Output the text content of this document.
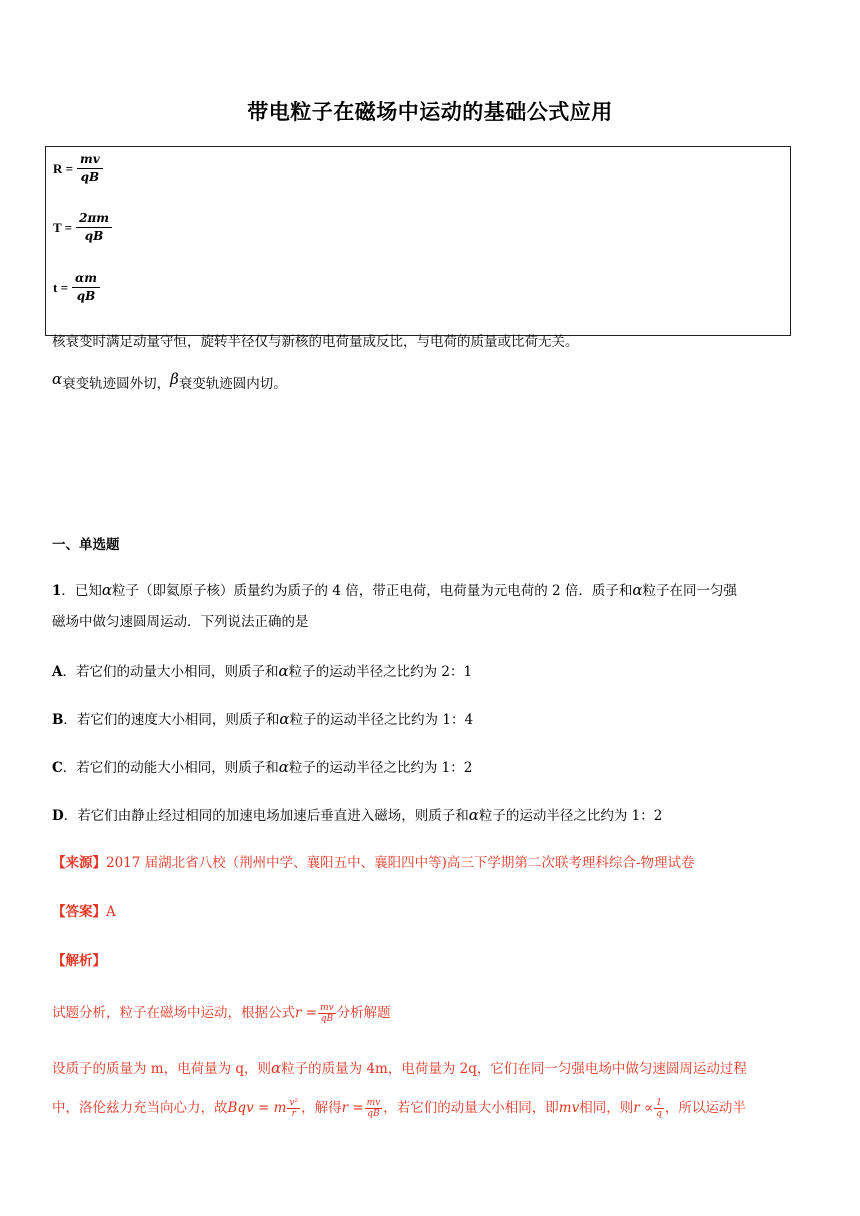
带电粒子在磁场中运动的基础公式应用
$R = \frac{mv}{qB}$
$T = \frac{2\pi m}{qB}$
$t = \frac{\alpha m}{qB}$
核衰变时满足动量守恒，旋转半径仅与新核的电荷量成反比，与电荷的质量或比荷无关。
α衰变轨迹圆外切，β衰变轨迹圆内切。
一、单选题
1．已知α粒子（即氦原子核）质量约为质子的 4 倍，带正电荷，电荷量为元电荷的 2 倍．质子和α粒子在同一匀强
磁场中做匀速圆周运动．下列说法正确的是
A．若它们的动量大小相同，则质子和α粒子的运动半径之比约为 2：1
B．若它们的速度大小相同，则质子和α粒子的运动半径之比约为 1：4
C．若它们的动能大小相同，则质子和α粒子的运动半径之比约为 1：2
D．若它们由静止经过相同的加速电场加速后垂直进入磁场，则质子和α粒子的运动半径之比约为 1：2
【来源】2017 届湖北省八校（荆州中学、襄阳五中、襄阳四中等)高三下学期第二次联考理科综合-物理试卷
【答案】A
【解析】
试题分析，粒子在磁场中运动，根据公式$r = \frac{mv}{qB}$ 分析解题
设质子的质量为 m，电荷量为 q，则α粒子的质量为 4m，电荷量为 2q，它们在同一匀强电场中做匀速圆周运动过程
中，洛伦兹力充当向心力，故Bqv = m $\frac{\text{v²}}{r}$ ，解得$r = \frac{mv}{qB}$ ，若它们的动量大小相同，即mv相同，则$r \propto \frac{1}{q}$ ，所以运动半
